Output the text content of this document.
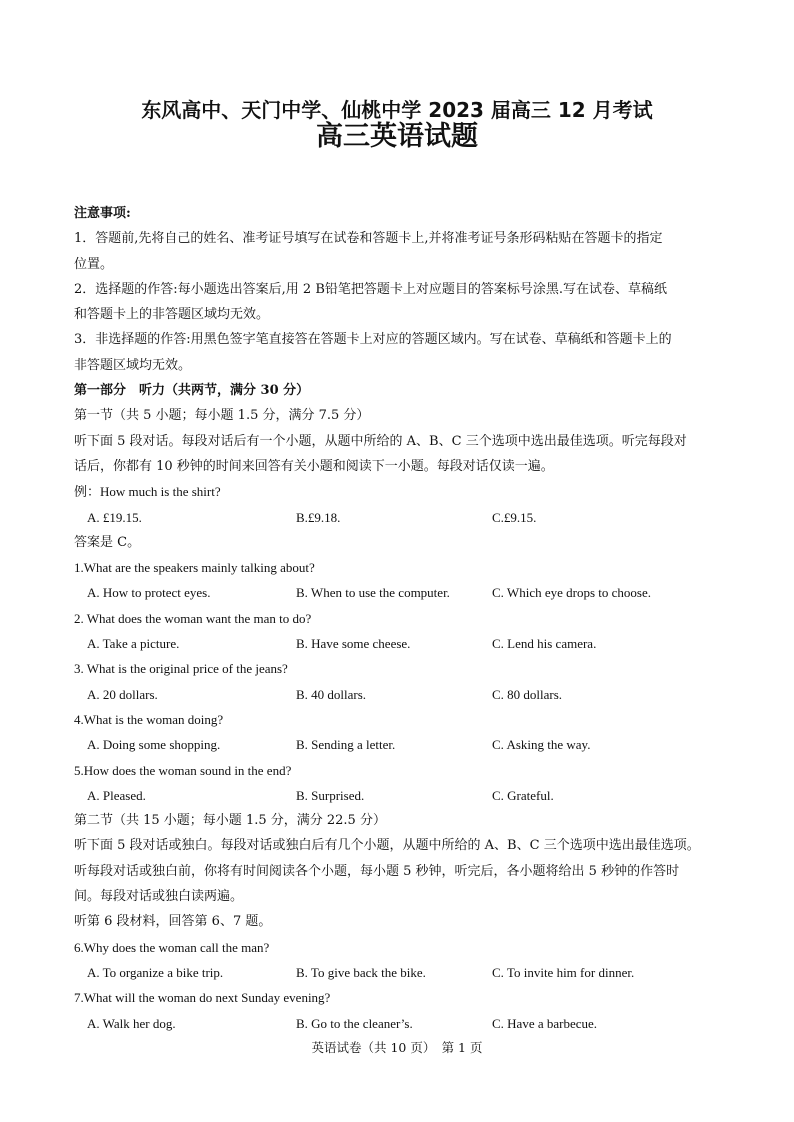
东风高中、天门中学、仙桃中学 2023 届高三 12 月考试
高三英语试题
注意事项:
1．答题前,先将自己的姓名、准考证号填写在试卷和答题卡上,并将准考证号条形码粘贴在答题卡的指定
位置。
2．选择题的作答:每小题选出答案后,用 2 B铅笔把答题卡上对应题目的答案标号涂黑.写在试卷、草稿纸
和答题卡上的非答题区域均无效。
3．非选择题的作答:用黑色签字笔直接答在答题卡上对应的答题区域内。写在试卷、草稿纸和答题卡上的
非答题区域均无效。
第一部分　听力（共两节，满分 30 分）
第一节（共 5 小题；每小题 1.5 分，满分 7.5 分）
听下面 5 段对话。每段对话后有一个小题，从题中所给的 A、B、C 三个选项中选出最佳选项。听完每段对
话后，你都有 10 秒钟的时间来回答有关小题和阅读下一小题。每段对话仅读一遍。
例：How much is the shirt?
A. £19.15.	B.£9.18.	C.£9.15.
答案是 C。
1.What are the speakers mainly talking about?
A. How to protect eyes.	B. When to use the computer.	C. Which eye drops to choose.
2. What does the woman want the man to do?
A. Take a picture.	B. Have some cheese.	C. Lend his camera.
3. What is the original price of the jeans?
A. 20 dollars.	B. 40 dollars.	C. 80 dollars.
4.What is the woman doing?
A. Doing some shopping.	B. Sending a letter.	C. Asking the way.
5.How does the woman sound in the end?
A. Pleased.	B. Surprised.	C. Grateful.
第二节（共 15 小题；每小题 1.5 分，满分 22.5 分）
听下面 5 段对话或独白。每段对话或独白后有几个小题，从题中所给的 A、B、C 三个选项中选出最佳选项。
听每段对话或独白前，你将有时间阅读各个小题，每小题 5 秒钟，听完后，各小题将给出 5 秒钟的作答时
间。每段对话或独白读两遍。
听第 6 段材料，回答第 6、7 题。
6.Why does the woman call the man?
A. To organize a bike trip.	B. To give back the bike.	C. To invite him for dinner.
7.What will the woman do next Sunday evening?
A. Walk her dog.	B. Go to the cleaner’s.	C. Have a barbecue.
英语试卷（共 10 页）　第 1 页
